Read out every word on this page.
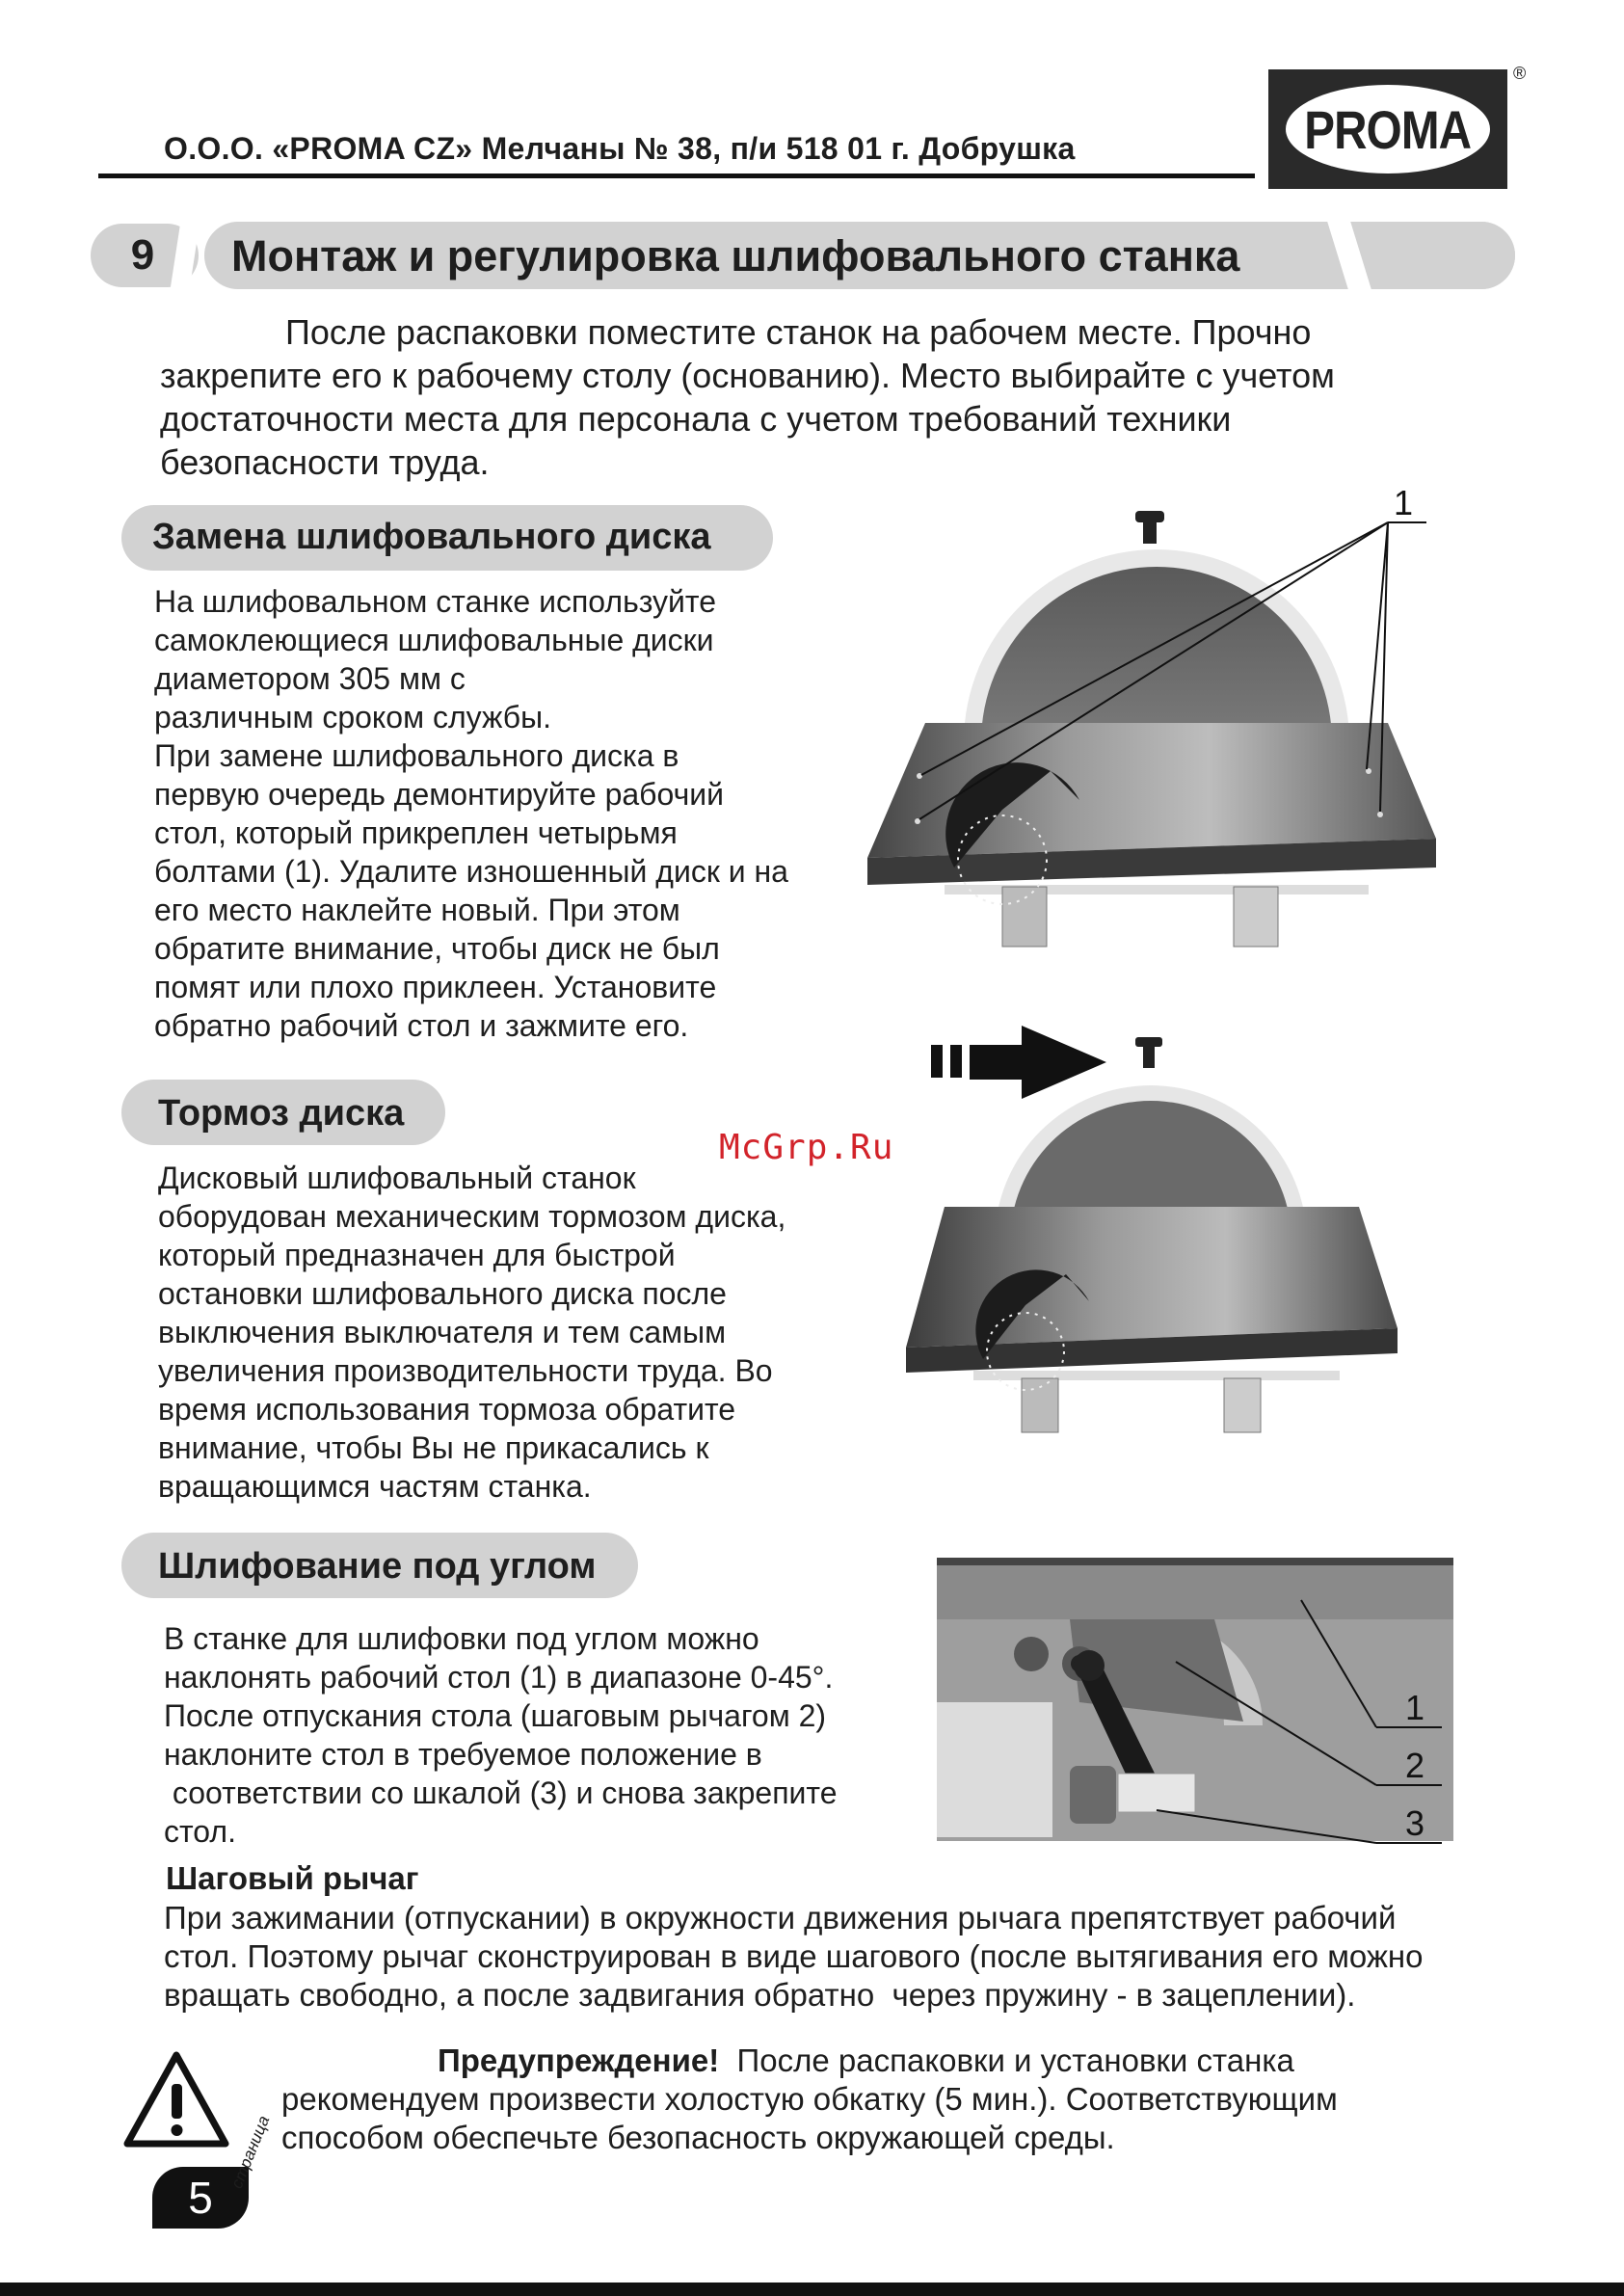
О.О.О. «PROMA CZ» Мелчаны № 38, п/и 518 01 г. Добрушка	PROMA
®
9	Монтаж и регулировка шлифовального станка
После распаковки поместите станок на рабочем месте. Прочно
закрепите его к рабочему столу (основанию). Место выбирайте с учетом
достаточности места для персонала с учетом требований техники
безопасности труда.
Замена шлифовального диска
На шлифовальном станке используйте
самоклеющиеся шлифовальные диски
диаметором 305 мм с
различным сроком службы.
При замене шлифовального диска в
первую очередь демонтируйте рабочий
стол, который прикреплен четырьмя
болтами (1). Удалите изношенный диск и на
его место наклейте новый. При этом
обратите внимание, чтобы диск не был
помят или плохо приклеен. Установите
обратно рабочий стол и зажмите его.
1
Тормоз диска
McGrp.Ru
Дисковый шлифовальный станок
оборудован механическим тормозом диска,
который предназначен для быстрой
остановки шлифовального диска после
выключения выключателя и тем самым
увеличения производительности труда. Во
время использования тормоза обратите
внимание, чтобы Вы не прикасались к
вращающимся частям станка.
Шлифование под углом
В станке для шлифовки под углом можно
наклонять рабочий стол (1) в диапазоне 0-45°.
После отпускания стола (шаговым рычагом 2)
наклоните стол в требуемое положение в
соответствии со шкалой (3) и снова закрепите
стол.
1
2
3
Шаговый рычаг
При зажимании (отпускании) в окружности движения рычага препятствует рабочий
стол. Поэтому рычаг сконструирован в виде шагового (после вытягивания его можно
вращать свободно, а после задвигания обратно  через пружину - в зацеплении).
Предупреждение!  После распаковки и установки станка
рекомендуем произвести холостую обкатку (5 мин.). Соответствующим
способом обеспечьте безопасность окружающей среды.
5
страница
